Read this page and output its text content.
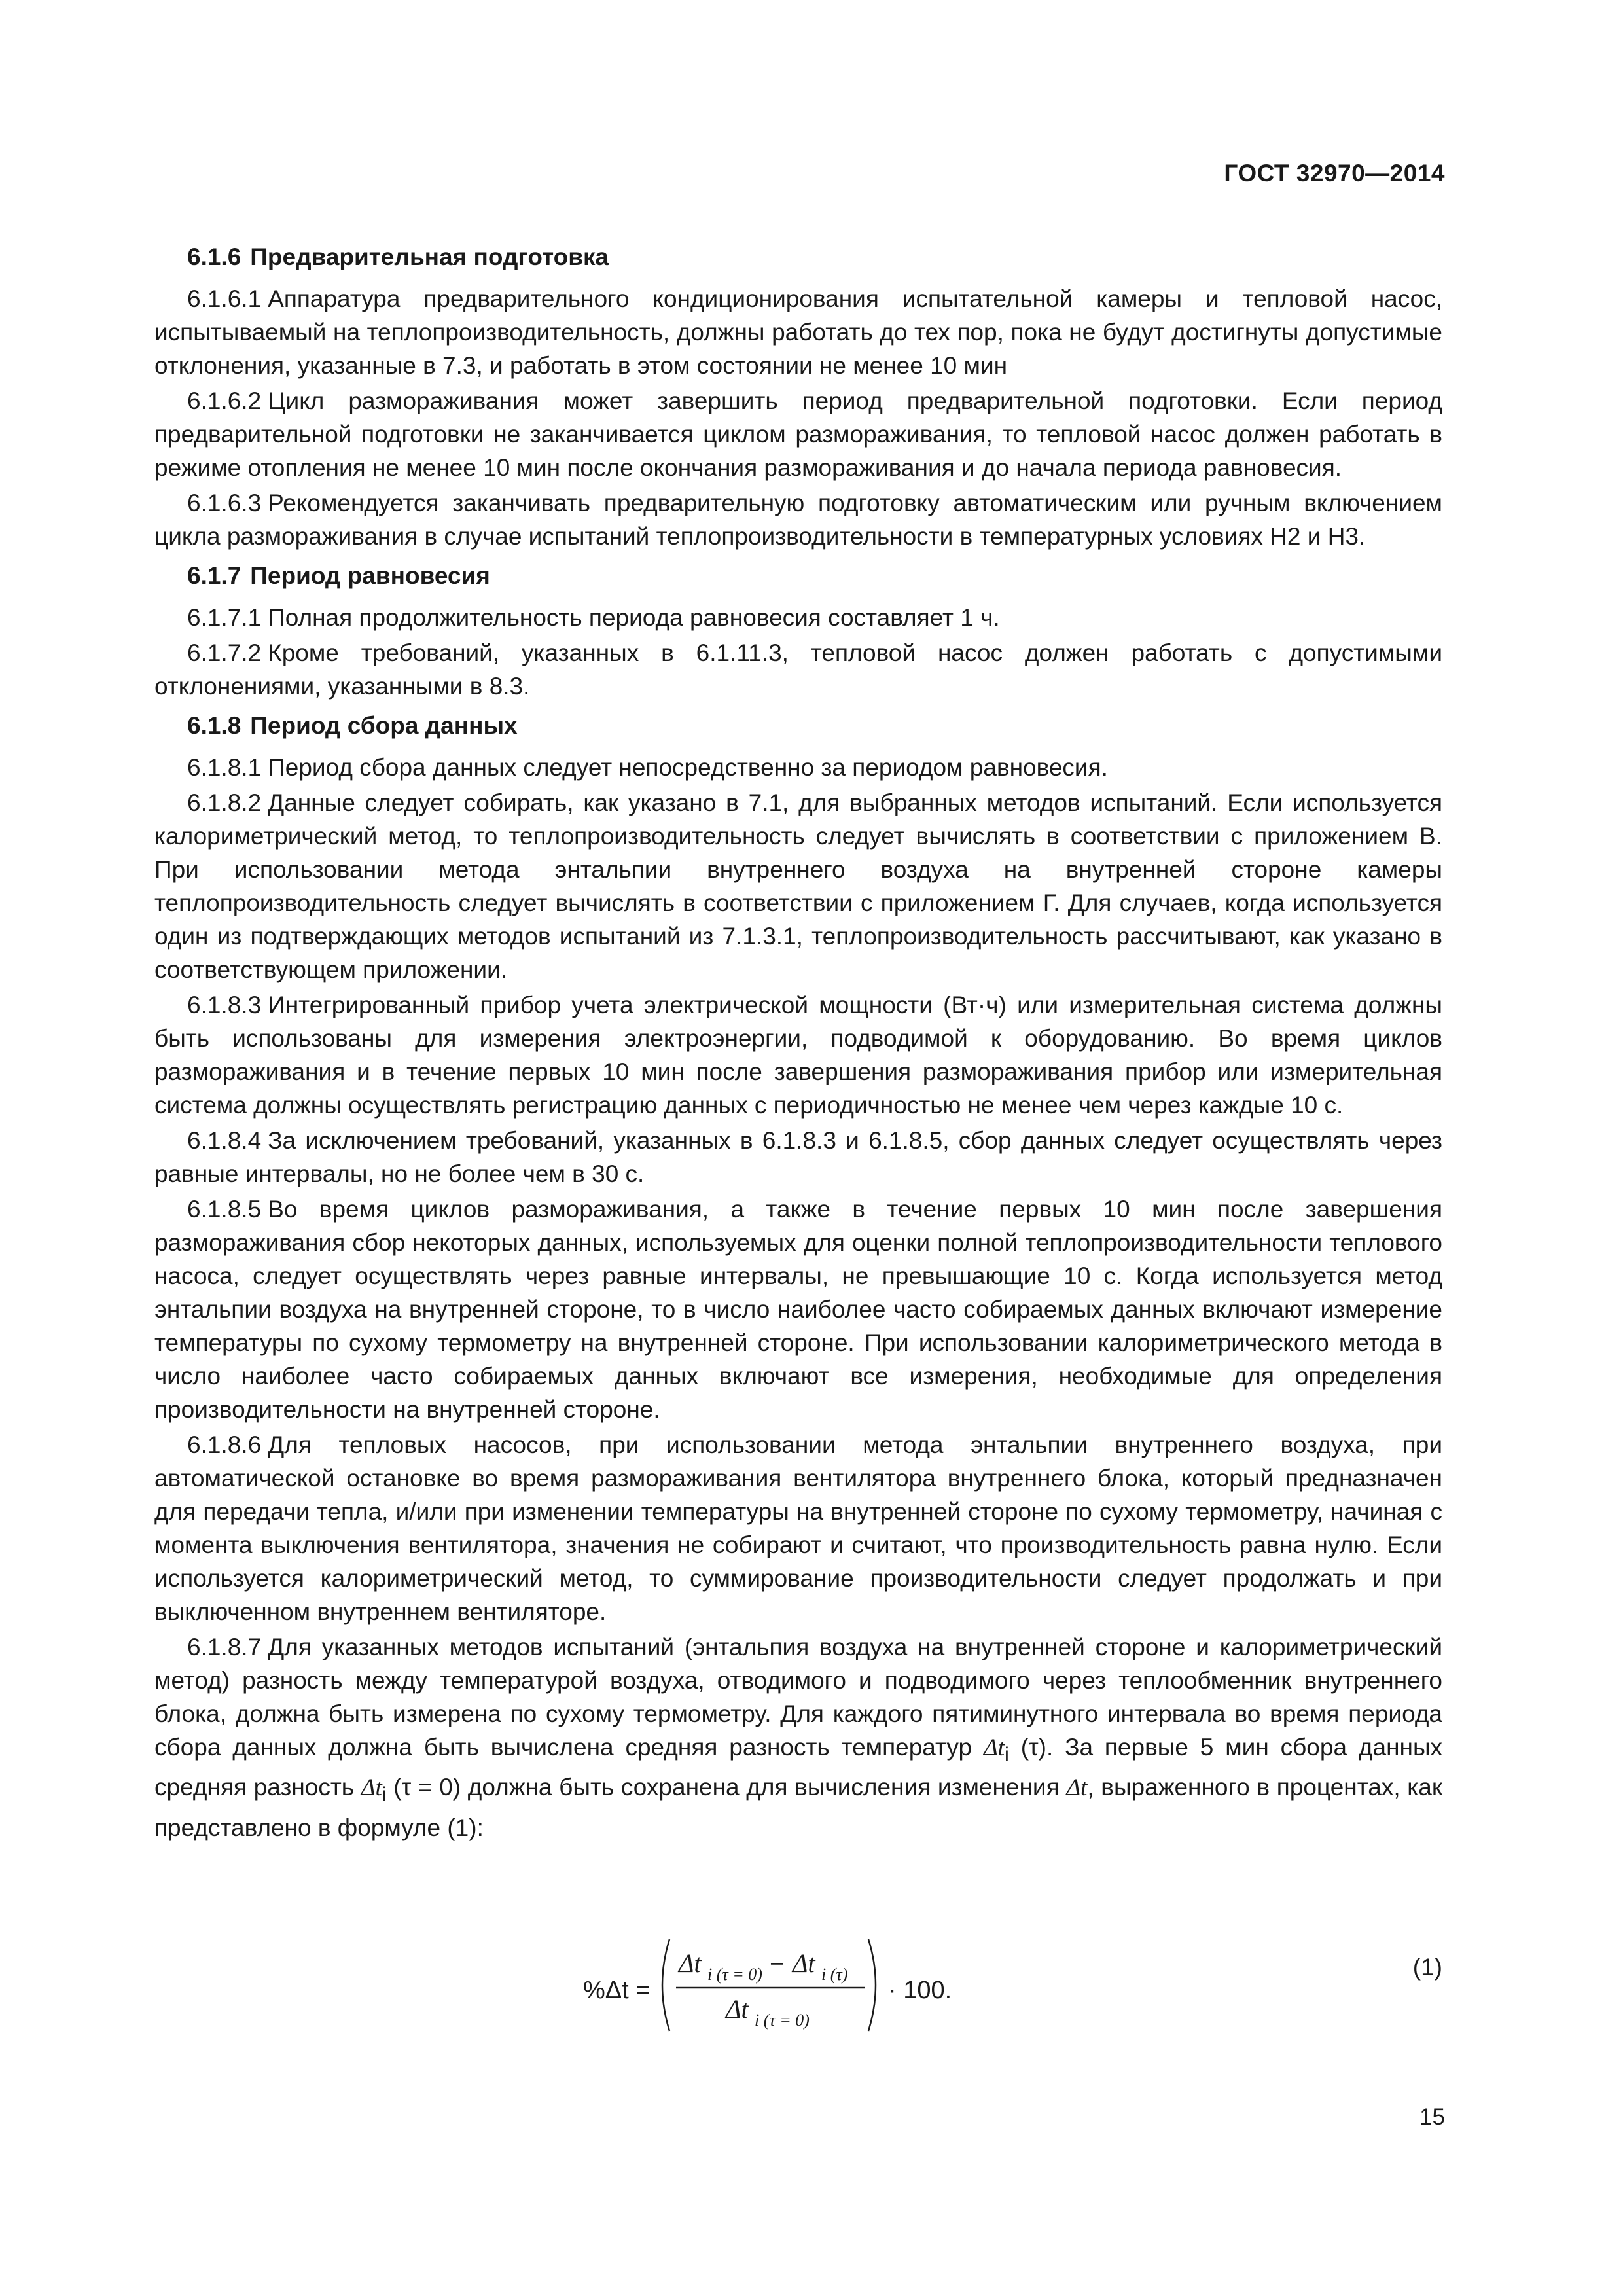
ГОСТ 32970—2014
6.1.6 Предварительная подготовка

6.1.6.1 Аппаратура предварительного кондиционирования испытательной камеры и тепловой насос, испытываемый на теплопроизводительность, должны работать до тех пор, пока не будут достигнуты допустимые отклонения, указанные в 7.3, и работать в этом состоянии не менее 10 мин

6.1.6.2 Цикл размораживания может завершить период предварительной подготовки. Если период предварительной подготовки не заканчивается циклом размораживания, то тепловой насос должен работать в режиме отопления не менее 10 мин после окончания размораживания и до начала периода равновесия.

6.1.6.3 Рекомендуется заканчивать предварительную подготовку автоматическим или ручным включением цикла размораживания в случае испытаний теплопроизводительности в температурных условиях Н2 и Н3.

6.1.7 Период равновесия

6.1.7.1 Полная продолжительность периода равновесия составляет 1 ч.

6.1.7.2 Кроме требований, указанных в 6.1.11.3, тепловой насос должен работать с допустимыми отклонениями, указанными в 8.3.

6.1.8 Период сбора данных

6.1.8.1 Период сбора данных следует непосредственно за периодом равновесия.

6.1.8.2 Данные следует собирать, как указано в 7.1, для выбранных методов испытаний. Если используется калориметрический метод, то теплопроизводительность следует вычислять в соответствии с приложением В. При использовании метода энтальпии внутреннего воздуха на внутренней стороне камеры теплопроизводительность следует вычислять в соответствии с приложением Г. Для случаев, когда используется один из подтверждающих методов испытаний из 7.1.3.1, теплопроизводительность рассчитывают, как указано в соответствующем приложении.

6.1.8.3 Интегрированный прибор учета электрической мощности (Вт·ч) или измерительная система должны быть использованы для измерения электроэнергии, подводимой к оборудованию. Во время циклов размораживания и в течение первых 10 мин после завершения размораживания прибор или измерительная система должны осуществлять регистрацию данных с периодичностью не менее чем через каждые 10 с.

6.1.8.4 За исключением требований, указанных в 6.1.8.3 и 6.1.8.5, сбор данных следует осуществлять через равные интервалы, но не более чем в 30 с.

6.1.8.5 Во время циклов размораживания, а также в течение первых 10 мин после завершения размораживания сбор некоторых данных, используемых для оценки полной теплопроизводительности теплового насоса, следует осуществлять через равные интервалы, не превышающие 10 с. Когда используется метод энтальпии воздуха на внутренней стороне, то в число наиболее часто собираемых данных включают измерение температуры по сухому термометру на внутренней стороне. При использовании калориметрического метода в число наиболее часто собираемых данных включают все измерения, необходимые для определения производительности на внутренней стороне.

6.1.8.6 Для тепловых насосов, при использовании метода энтальпии внутреннего воздуха, при автоматической остановке во время размораживания вентилятора внутреннего блока, который предназначен для передачи тепла, и/или при изменении температуры на внутренней стороне по сухому термометру, начиная с момента выключения вентилятора, значения не собирают и считают, что производительность равна нулю. Если используется калориметрический метод, то суммирование производительности следует продолжать и при выключенном внутреннем вентиляторе.

6.1.8.7 Для указанных методов испытаний (энтальпия воздуха на внутренней стороне и калориметрический метод) разность между температурой воздуха, отводимого и подводимого через теплообменник внутреннего блока, должна быть измерена по сухому термометру. Для каждого пятиминутного интервала во время периода сбора данных должна быть вычислена средняя разность температур $\Delta t_i$ (τ). За первые 5 мин сбора данных средняя разность $\Delta t_i$ (τ = 0) должна быть сохранена для вычисления изменения Δt, выраженного в процентах, как представлено в формуле (1):

%Δt =
Δt i (τ = 0) − Δt i (τ)
Δt i (τ = 0)
· 100.
(1)
15
